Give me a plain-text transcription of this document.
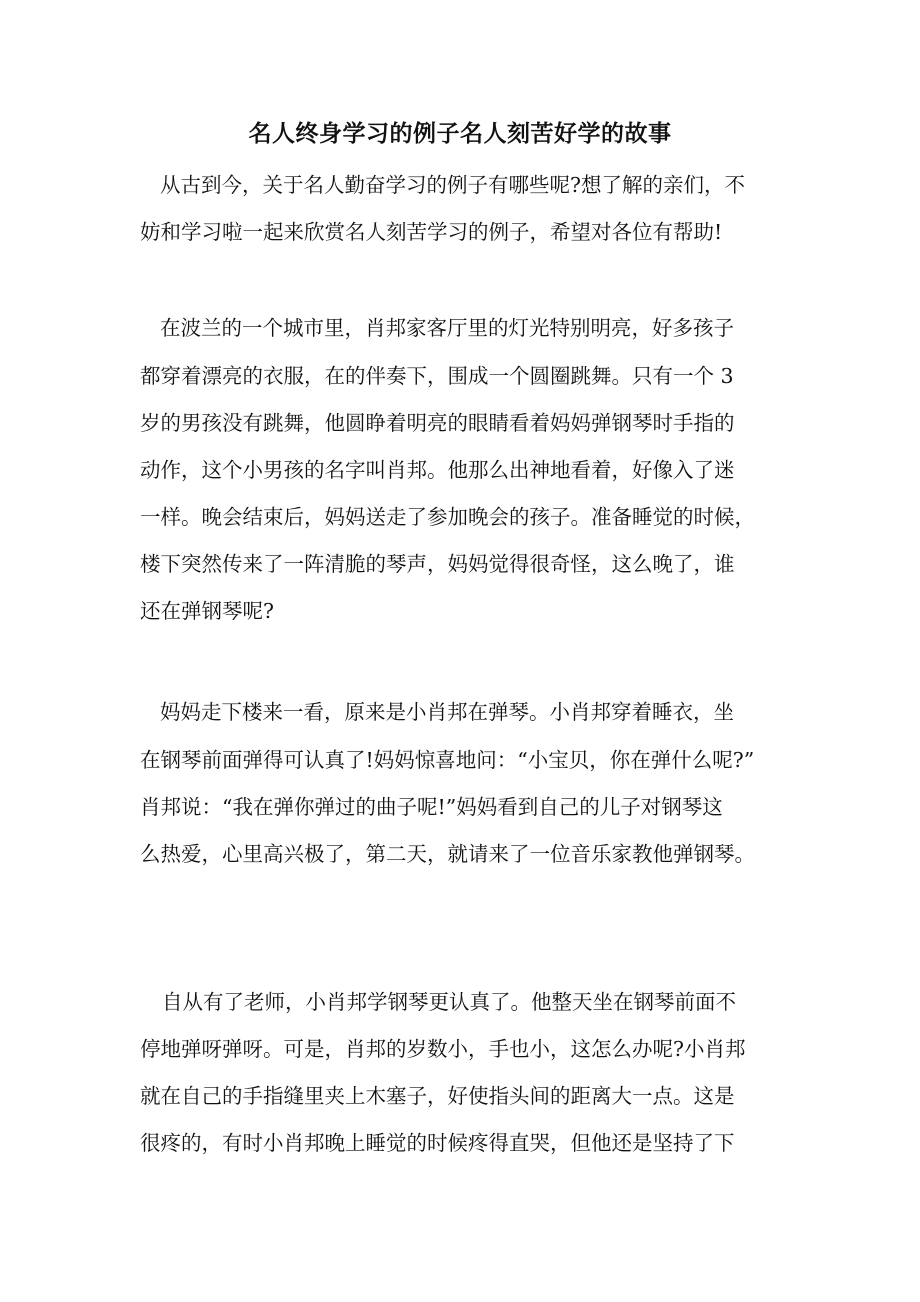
名人终身学习的例子名人刻苦好学的故事
从古到今，关于名人勤奋学习的例子有哪些呢?想了解的亲们，不
妨和学习啦一起来欣赏名人刻苦学习的例子，希望对各位有帮助!
在波兰的一个城市里，肖邦家客厅里的灯光特别明亮，好多孩子
都穿着漂亮的衣服，在的伴奏下，围成一个圆圈跳舞。只有一个 3
岁的男孩没有跳舞，他圆睁着明亮的眼睛看着妈妈弹钢琴时手指的
动作，这个小男孩的名字叫肖邦。他那么出神地看着，好像入了迷
一样。晚会结束后，妈妈送走了参加晚会的孩子。准备睡觉的时候，
楼下突然传来了一阵清脆的琴声，妈妈觉得很奇怪，这么晚了，谁
还在弹钢琴呢?
妈妈走下楼来一看，原来是小肖邦在弹琴。小肖邦穿着睡衣，坐
在钢琴前面弹得可认真了!妈妈惊喜地问：“小宝贝，你在弹什么呢?”
肖邦说：“我在弹你弹过的曲子呢!”妈妈看到自己的儿子对钢琴这
么热爱，心里高兴极了，第二天，就请来了一位音乐家教他弹钢琴。
自从有了老师，小肖邦学钢琴更认真了。他整天坐在钢琴前面不
停地弹呀弹呀。可是，肖邦的岁数小，手也小，这怎么办呢?小肖邦
就在自己的手指缝里夹上木塞子，好使指头间的距离大一点。这是
很疼的，有时小肖邦晚上睡觉的时候疼得直哭，但他还是坚持了下
